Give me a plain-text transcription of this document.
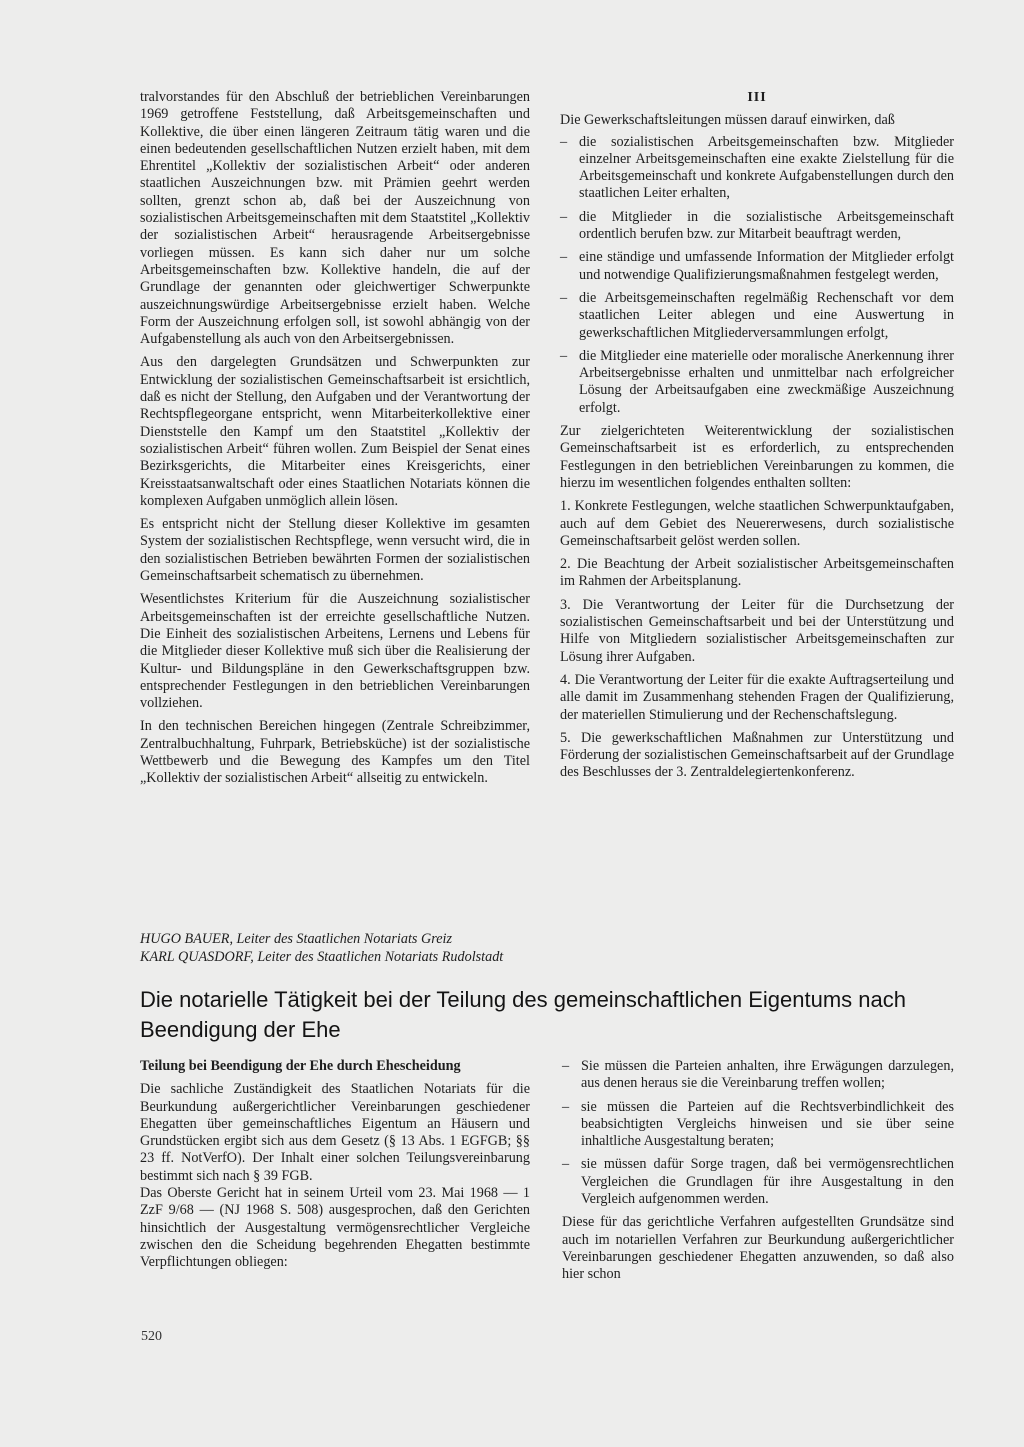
tralvorstandes für den Abschluß der betrieblichen Vereinbarungen 1969 getroffene Feststellung, daß Arbeitsgemeinschaften und Kollektive, die über einen längeren Zeitraum tätig waren und die einen bedeutenden gesellschaftlichen Nutzen erzielt haben, mit dem Ehrentitel „Kollektiv der sozialistischen Arbeit“ oder anderen staatlichen Auszeichnungen bzw. mit Prämien geehrt werden sollten, grenzt schon ab, daß bei der Auszeichnung von sozialistischen Arbeitsgemeinschaften mit dem Staatstitel „Kollektiv der sozialistischen Arbeit“ herausragende Arbeitsergebnisse vorliegen müssen. Es kann sich daher nur um solche Arbeitsgemeinschaften bzw. Kollektive handeln, die auf der Grundlage der genannten oder gleichwertiger Schwerpunkte auszeichnungswürdige Arbeitsergebnisse erzielt haben. Welche Form der Auszeichnung erfolgen soll, ist sowohl abhängig von der Aufgabenstellung als auch von den Arbeitsergebnissen.

Aus den dargelegten Grundsätzen und Schwerpunkten zur Entwicklung der sozialistischen Gemeinschaftsarbeit ist ersichtlich, daß es nicht der Stellung, den Aufgaben und der Verantwortung der Rechtspflegeorgane entspricht, wenn Mitarbeiterkollektive einer Dienststelle den Kampf um den Staatstitel „Kollektiv der sozialistischen Arbeit“ führen wollen. Zum Beispiel der Senat eines Bezirksgerichts, die Mitarbeiter eines Kreisgerichts, einer Kreisstaatsanwaltschaft oder eines Staatlichen Notariats können die komplexen Aufgaben unmöglich allein lösen.

Es entspricht nicht der Stellung dieser Kollektive im gesamten System der sozialistischen Rechtspflege, wenn versucht wird, die in den sozialistischen Betrieben bewährten Formen der sozialistischen Gemeinschaftsarbeit schematisch zu übernehmen.

Wesentlichstes Kriterium für die Auszeichnung sozialistischer Arbeitsgemeinschaften ist der erreichte gesellschaftliche Nutzen. Die Einheit des sozialistischen Arbeitens, Lernens und Lebens für die Mitglieder dieser Kollektive muß sich über die Realisierung der Kultur- und Bildungspläne in den Gewerkschaftsgruppen bzw. entsprechender Festlegungen in den betrieblichen Vereinbarungen vollziehen.

In den technischen Bereichen hingegen (Zentrale Schreibzimmer, Zentralbuchhaltung, Fuhrpark, Betriebsküche) ist der sozialistische Wettbewerb und die Bewegung des Kampfes um den Titel „Kollektiv der sozialistischen Arbeit“ allseitig zu entwickeln.

III

Die Gewerkschaftsleitungen müssen darauf einwirken, daß

– die sozialistischen Arbeitsgemeinschaften bzw. Mitglieder einzelner Arbeitsgemeinschaften eine exakte Zielstellung für die Arbeitsgemeinschaft und konkrete Aufgabenstellungen durch den staatlichen Leiter erhalten,
– die Mitglieder in die sozialistische Arbeitsgemeinschaft ordentlich berufen bzw. zur Mitarbeit beauftragt werden,
– eine ständige und umfassende Information der Mitglieder erfolgt und notwendige Qualifizierungsmaßnahmen festgelegt werden,
– die Arbeitsgemeinschaften regelmäßig Rechenschaft vor dem staatlichen Leiter ablegen und eine Auswertung in gewerkschaftlichen Mitgliederversammlungen erfolgt,
– die Mitglieder eine materielle oder moralische Anerkennung ihrer Arbeitsergebnisse erhalten und unmittelbar nach erfolgreicher Lösung der Arbeitsaufgaben eine zweckmäßige Auszeichnung erfolgt.

Zur zielgerichteten Weiterentwicklung der sozialistischen Gemeinschaftsarbeit ist es erforderlich, zu entsprechenden Festlegungen in den betrieblichen Vereinbarungen zu kommen, die hierzu im wesentlichen folgendes enthalten sollten:

1. Konkrete Festlegungen, welche staatlichen Schwerpunktaufgaben, auch auf dem Gebiet des Neuererwesens, durch sozialistische Gemeinschaftsarbeit gelöst werden sollen.
2. Die Beachtung der Arbeit sozialistischer Arbeitsgemeinschaften im Rahmen der Arbeitsplanung.
3. Die Verantwortung der Leiter für die Durchsetzung der sozialistischen Gemeinschaftsarbeit und bei der Unterstützung und Hilfe von Mitgliedern sozialistischer Arbeitsgemeinschaften zur Lösung ihrer Aufgaben.
4. Die Verantwortung der Leiter für die exakte Auftragserteilung und alle damit im Zusammenhang stehenden Fragen der Qualifizierung, der materiellen Stimulierung und der Rechenschaftslegung.
5. Die gewerkschaftlichen Maßnahmen zur Unterstützung und Förderung der sozialistischen Gemeinschaftsarbeit auf der Grundlage des Beschlusses der 3. Zentraldelegiertenkonferenz.
HUGO BAUER, Leiter des Staatlichen Notariats Greiz
KARL QUASDORF, Leiter des Staatlichen Notariats Rudolstadt
Die notarielle Tätigkeit bei der Teilung des gemeinschaftlichen Eigentums nach Beendigung der Ehe

Teilung bei Beendigung der Ehe durch Ehescheidung

Die sachliche Zuständigkeit des Staatlichen Notariats für die Beurkundung außergerichtlicher Vereinbarungen geschiedener Ehegatten über gemeinschaftliches Eigentum an Häusern und Grundstücken ergibt sich aus dem Gesetz (§ 13 Abs. 1 EGFGB; §§ 23 ff. NotVerfO). Der Inhalt einer solchen Teilungsvereinbarung bestimmt sich nach § 39 FGB.

Das Oberste Gericht hat in seinem Urteil vom 23. Mai 1968 — 1 ZzF 9/68 — (NJ 1968 S. 508) ausgesprochen, daß den Gerichten hinsichtlich der Ausgestaltung vermögensrechtlicher Vergleiche zwischen den die Scheidung begehrenden Ehegatten bestimmte Verpflichtungen obliegen:

– Sie müssen die Parteien anhalten, ihre Erwägungen darzulegen, aus denen heraus sie die Vereinbarung treffen wollen;
– sie müssen die Parteien auf die Rechtsverbindlichkeit des beabsichtigten Vergleichs hinweisen und sie über seine inhaltliche Ausgestaltung beraten;
– sie müssen dafür Sorge tragen, daß bei vermögensrechtlichen Vergleichen die Grundlagen für ihre Ausgestaltung in den Vergleich aufgenommen werden.

Diese für das gerichtliche Verfahren aufgestellten Grundsätze sind auch im notariellen Verfahren zur Beurkundung außergerichtlicher Vereinbarungen geschiedener Ehegatten anzuwenden, so daß also hier schon

520
